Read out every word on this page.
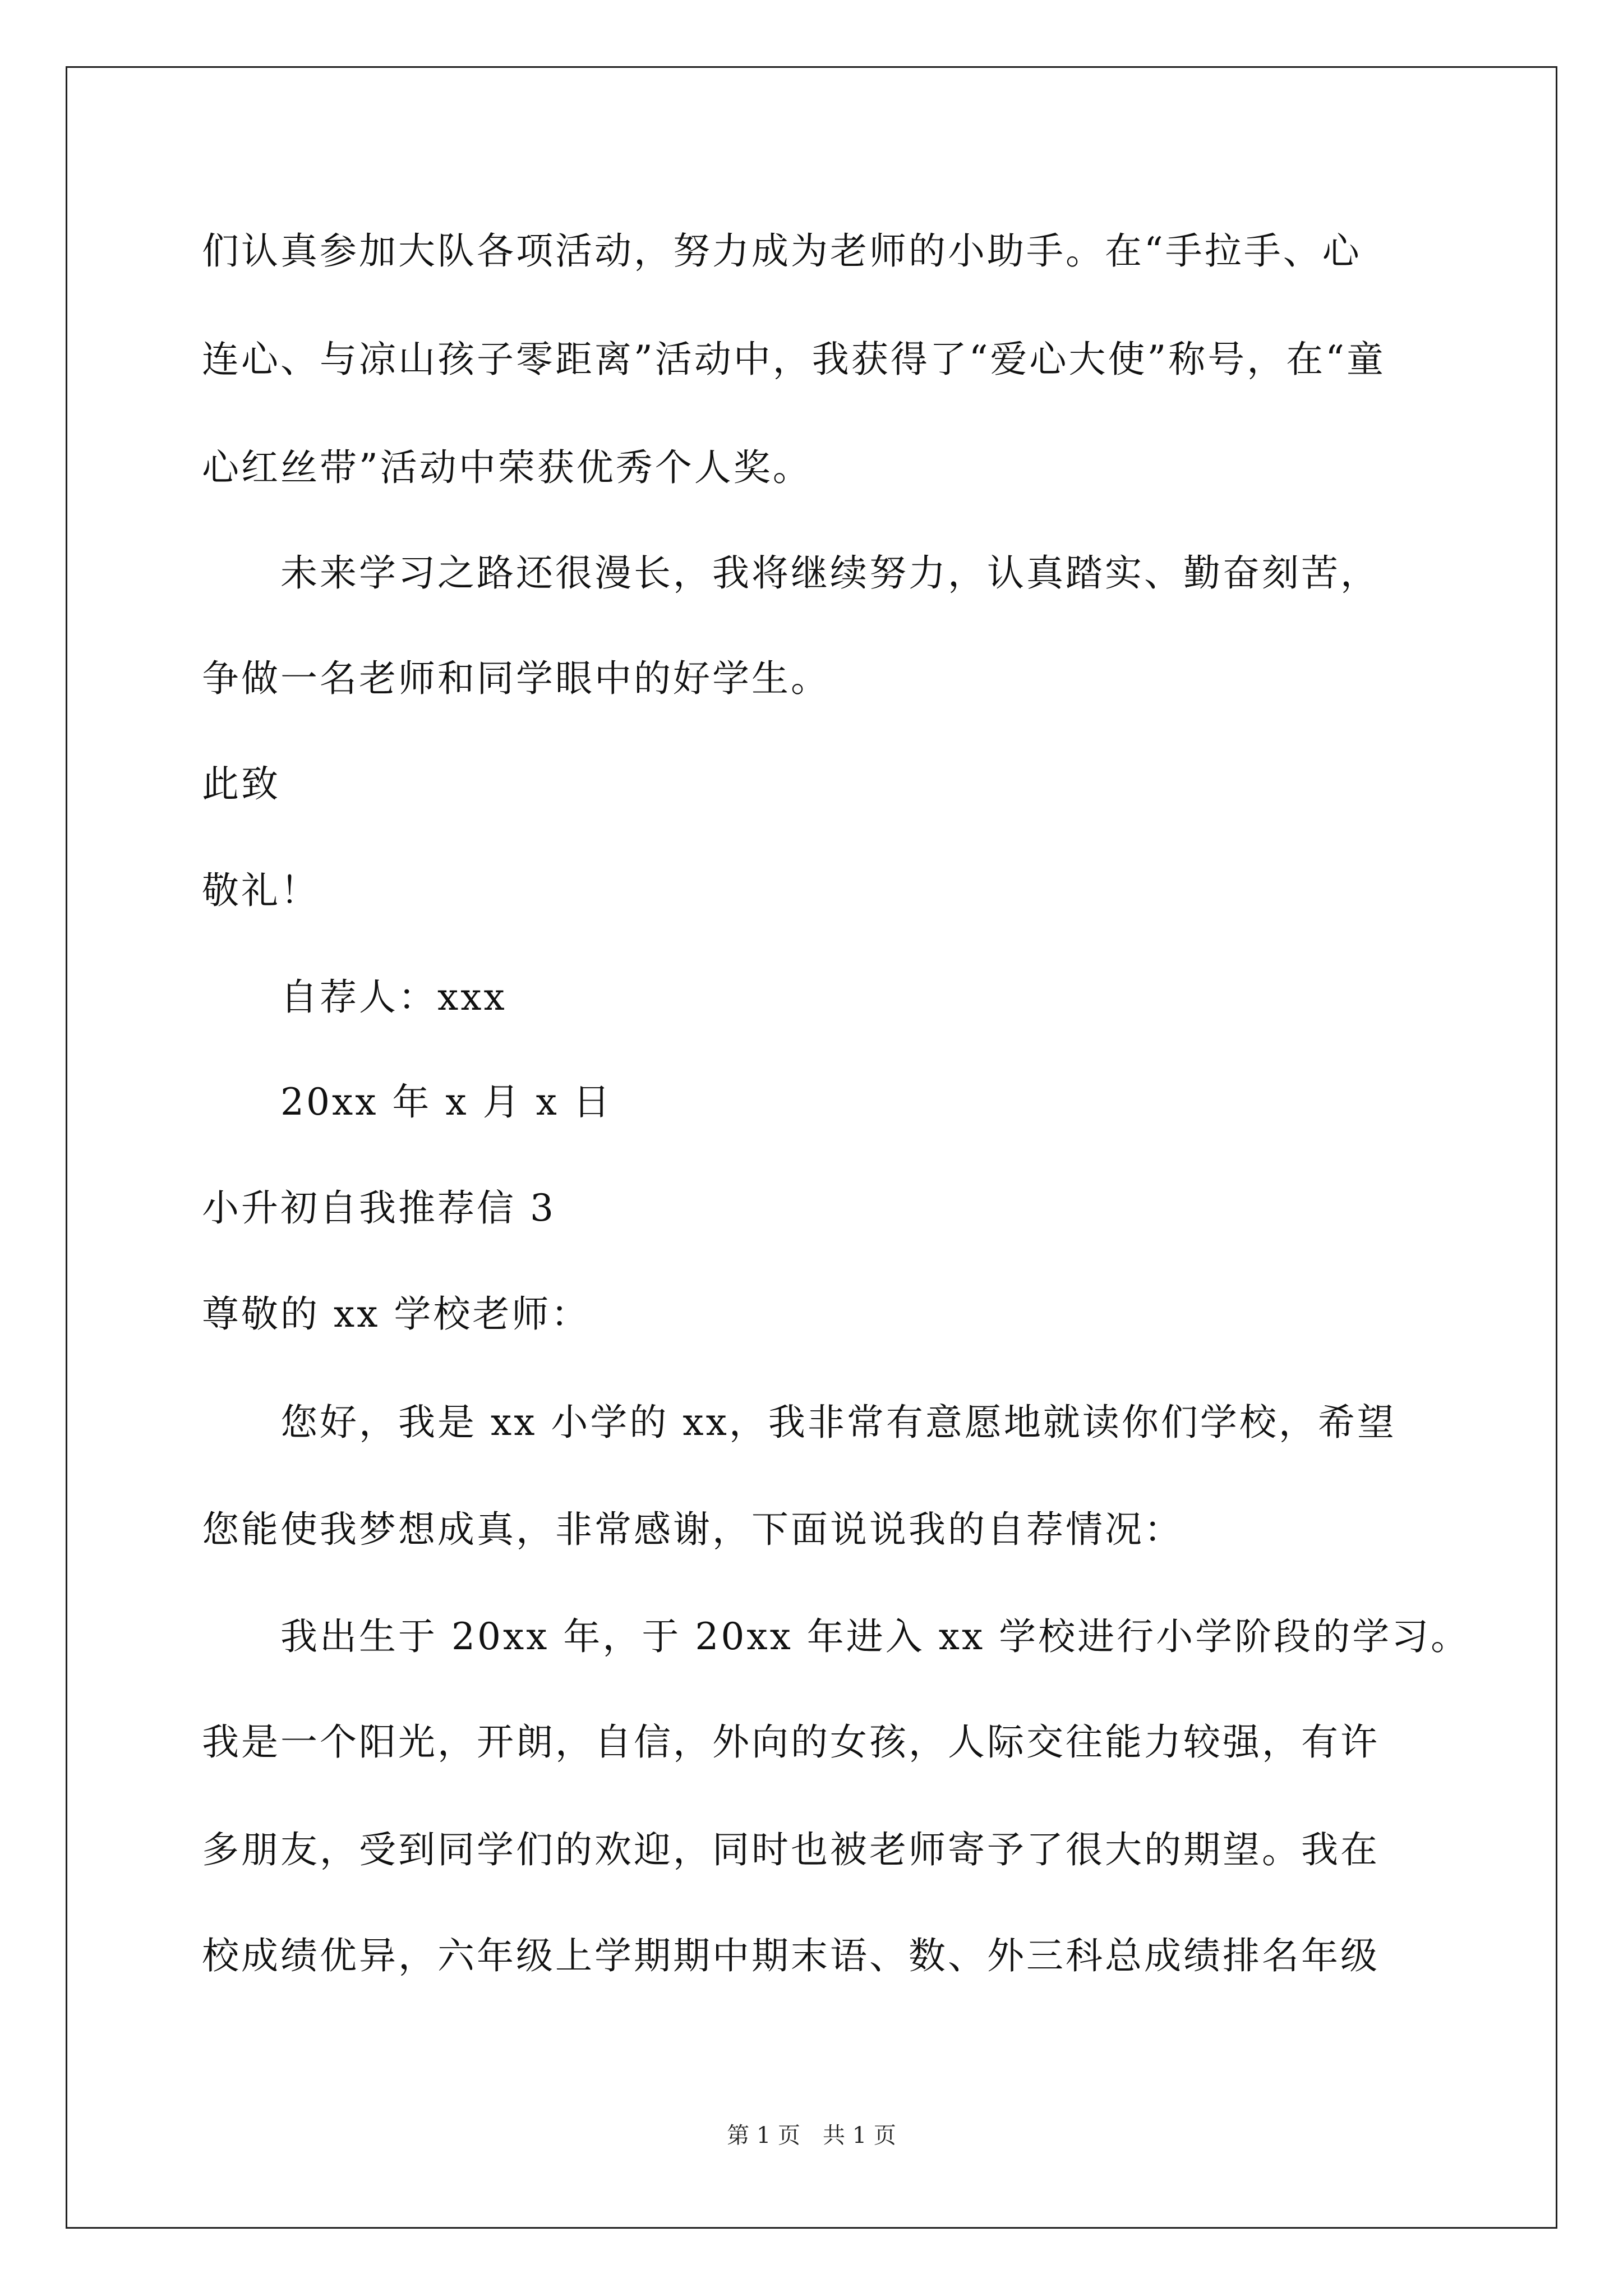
们认真参加大队各项活动，努力成为老师的小助手。在“手拉手、心
连心、与凉山孩子零距离”活动中，我获得了“爱心大使”称号，在“童
心红丝带”活动中荣获优秀个人奖。
未来学习之路还很漫长，我将继续努力，认真踏实、勤奋刻苦，
争做一名老师和同学眼中的好学生。
此致
敬礼！
自荐人：xxx
20xx 年 x 月 x 日
小升初自我推荐信 3
尊敬的 xx 学校老师：
您好，我是 xx 小学的 xx，我非常有意愿地就读你们学校，希望
您能使我梦想成真，非常感谢，下面说说我的自荐情况：
我出生于 20xx 年，于 20xx 年进入 xx 学校进行小学阶段的学习。
我是一个阳光，开朗，自信，外向的女孩，人际交往能力较强，有许
多朋友，受到同学们的欢迎，同时也被老师寄予了很大的期望。我在
校成绩优异，六年级上学期期中期末语、数、外三科总成绩排名年级
第 1 页　共 1 页
